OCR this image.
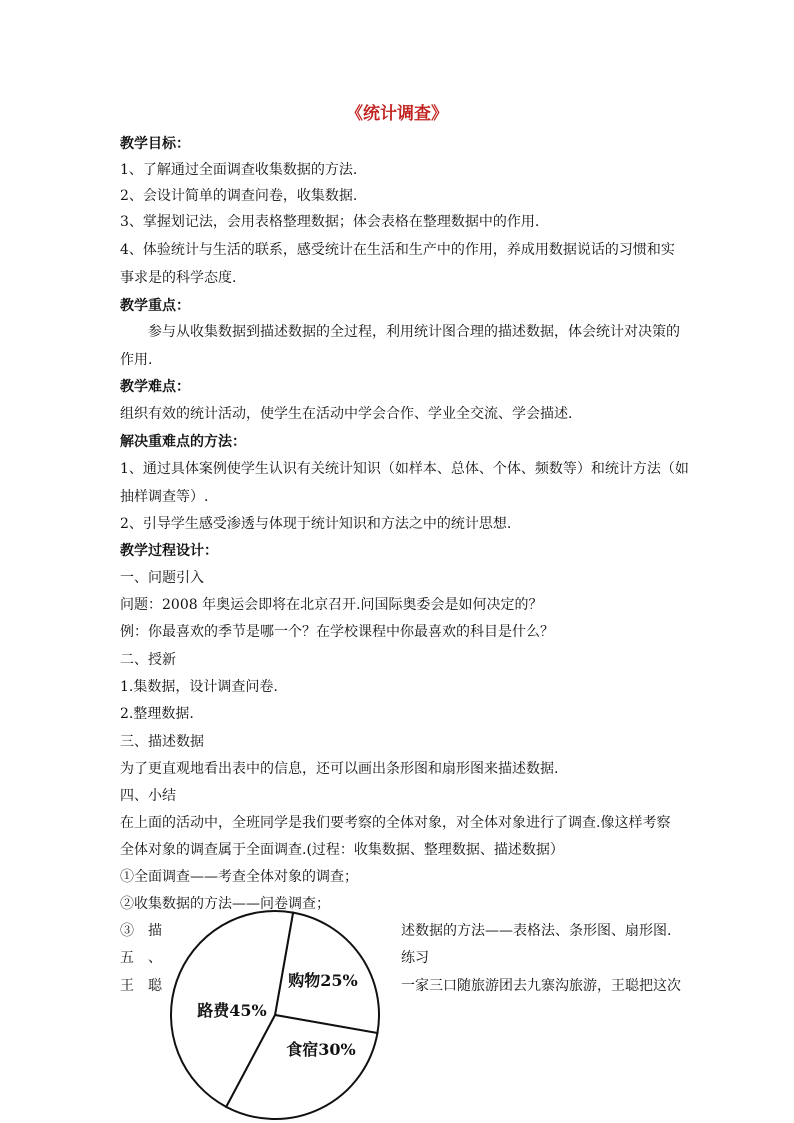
《统计调查》
教学目标：
1、了解通过全面调查收集数据的方法.
2、会设计简单的调查问卷，收集数据.
3、掌握划记法，会用表格整理数据；体会表格在整理数据中的作用.
4、体验统计与生活的联系，感受统计在生活和生产中的作用，养成用数据说话的习惯和实
事求是的科学态度.
教学重点：
参与从收集数据到描述数据的全过程，利用统计图合理的描述数据，体会统计对决策的
作用.
教学难点：
组织有效的统计活动，使学生在活动中学会合作、学业全交流、学会描述.
解决重难点的方法：
1、通过具体案例使学生认识有关统计知识（如样本、总体、个体、频数等）和统计方法（如
抽样调查等）.
2、引导学生感受渗透与体现于统计知识和方法之中的统计思想.
教学过程设计：
一、问题引入
问题：2008 年奥运会即将在北京召开.问国际奥委会是如何决定的？
例：你最喜欢的季节是哪一个？在学校课程中你最喜欢的科目是什么？
二、授新
1.集数据，设计调查问卷.
2.整理数据.
三、描述数据
为了更直观地看出表中的信息，还可以画出条形图和扇形图来描述数据.
四、小结
在上面的活动中，全班同学是我们要考察的全体对象，对全体对象进行了调查.像这样考察
全体对象的调查属于全面调查.(过程：收集数据、整理数据、描述数据）
①全面调查——考查全体对象的调查；
②收集数据的方法——问卷调查；
③　描	述数据的方法——表格法、条形图、扇形图.
五　、	练习
王　聪	一家三口随旅游团去九寨沟旅游，王聪把这次
购物25%
食宿30%
路费45%
